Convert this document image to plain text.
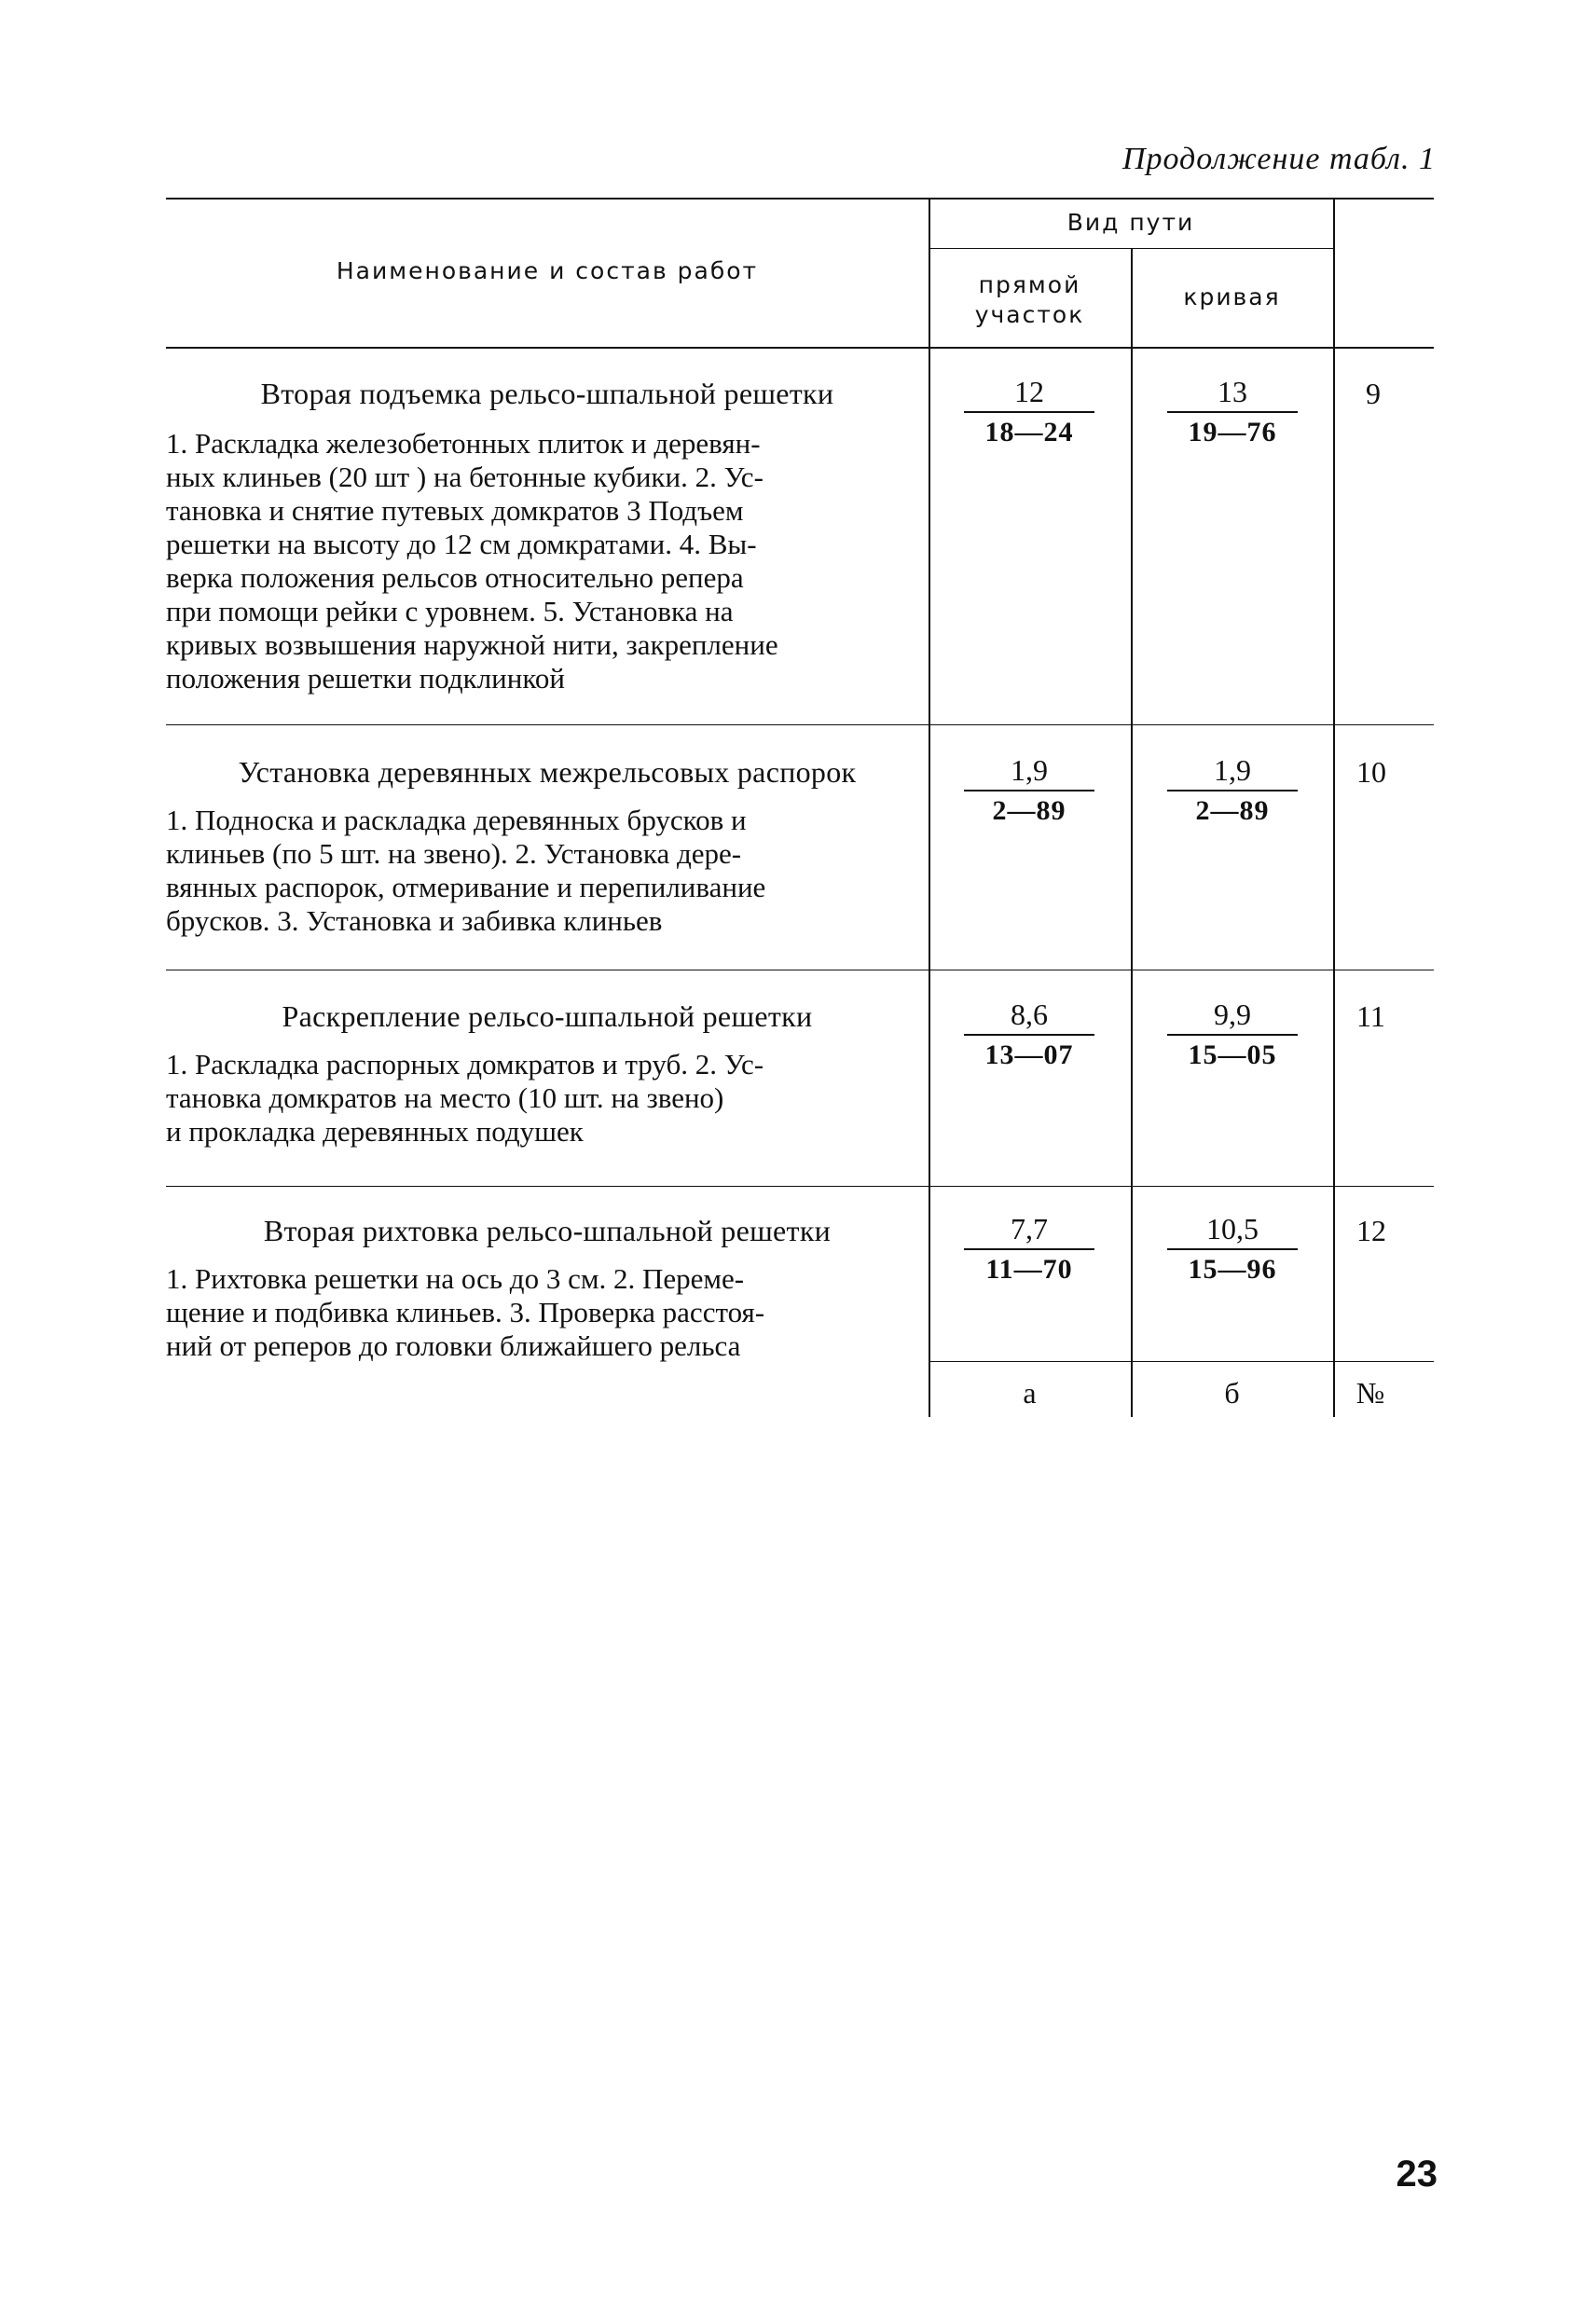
Продолжение табл. 1
Наименование и состав работ
Вид пути
прямой
участок
кривая
Вторая подъемка рельсо-шпальной решетки
1. Раскладка железобетонных плиток и деревян-
ных клиньев (20 шт ) на бетонные кубики. 2. Ус-
тановка и снятие путевых домкратов 3 Подъем
решетки на высоту до 12 см домкратами. 4. Вы-
верка положения рельсов относительно репера
при помощи рейки с уровнем. 5. Установка на
кривых возвышения наружной нити, закрепление
положения решетки подклинкой
$\frac{12}{18—24} \frac{13}{19—76} 9$
Установка деревянных межрельсовых распорок
1. Подноска и раскладка деревянных брусков и
клиньев (по 5 шт. на звено). 2. Установка дере-
вянных распорок, отмеривание и перепиливание
брусков. 3. Установка и забивка клиньев
$\frac{1,9}{2—89} \frac{1,9}{2—89} 10$
Раскрепление рельсо-шпальной решетки
1. Раскладка распорных домкратов и труб. 2. Ус-
тановка домкратов на место (10 шт. на звено)
и прокладка деревянных подушек
$\frac{8,6}{13—07} \frac{9,9}{15—05} 11$
Вторая рихтовка рельсо-шпальной решетки
1. Рихтовка решетки на ось до 3 см. 2. Переме-
щение и подбивка клиньев. 3. Проверка расстоя-
ний от реперов до головки ближайшего рельса
$\frac{7,7}{11—70} \frac{10,5}{15—96} 12$
а	б	№
23
